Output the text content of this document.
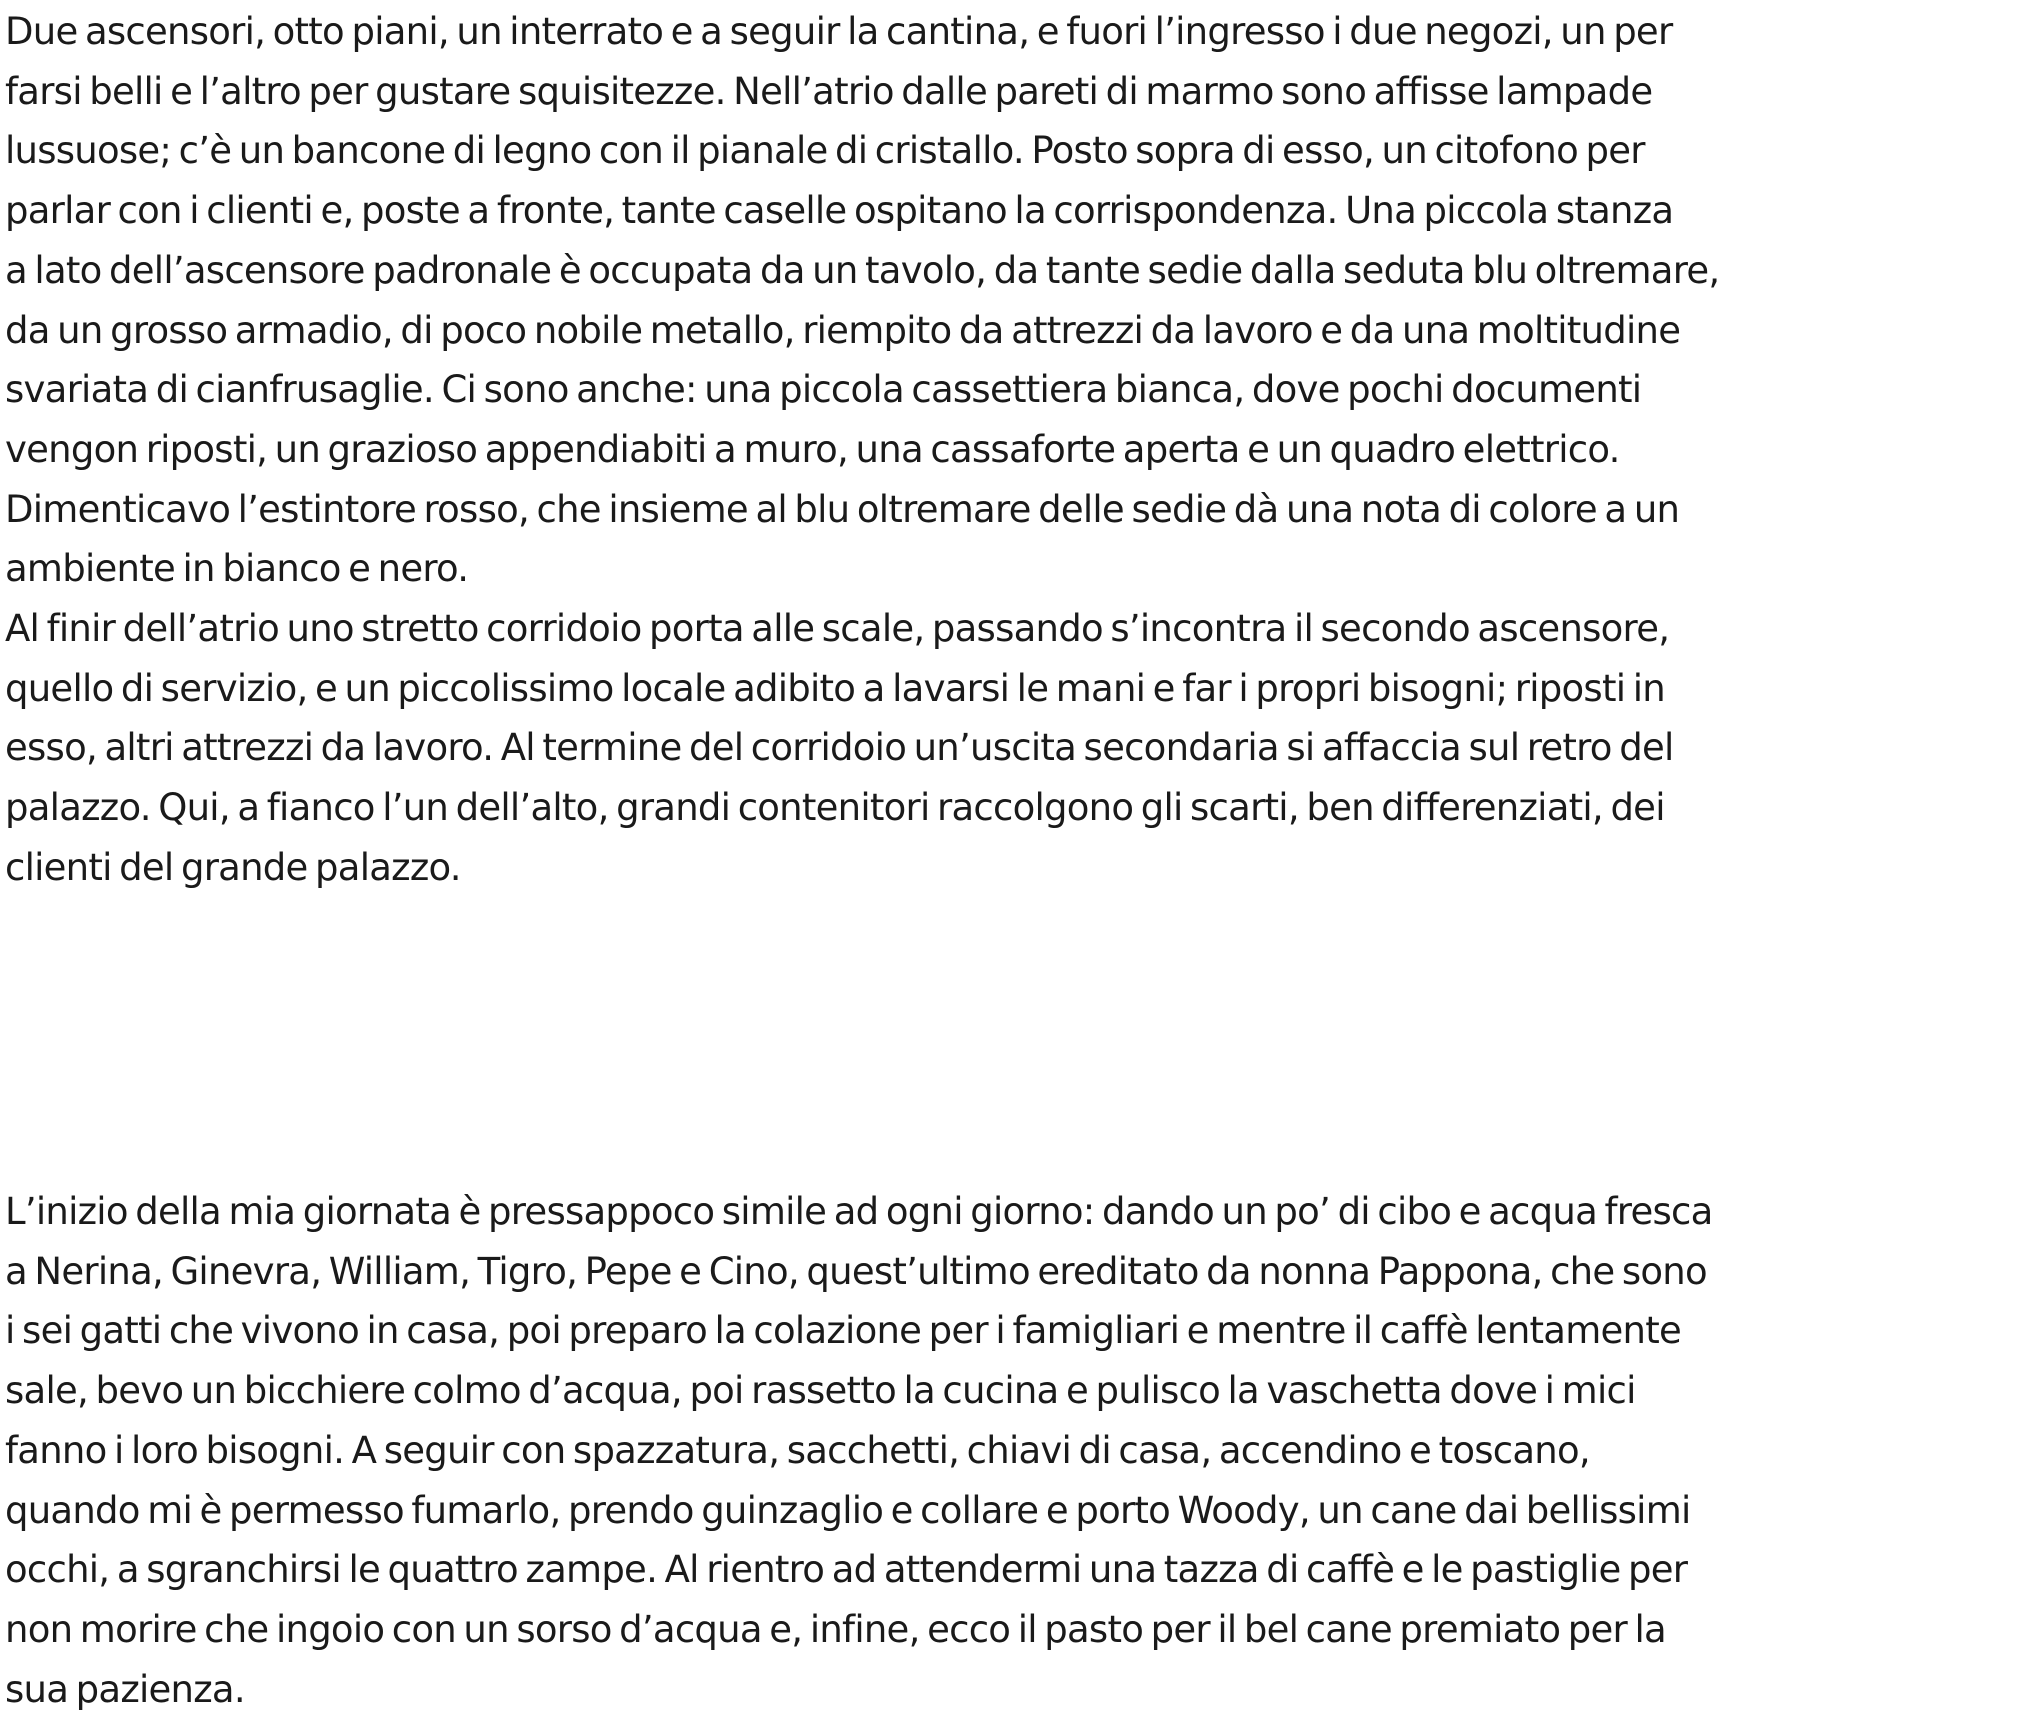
Due ascensori, otto piani, un interrato e a seguir la cantina, e fuori l’ingresso i due negozi, un per
farsi belli e l’altro per gustare squisitezze. Nell’atrio dalle pareti di marmo sono affisse lampade
lussuose; c’è un bancone di legno con il pianale di cristallo. Posto sopra di esso, un citofono per
parlar con i clienti e, poste a fronte, tante caselle ospitano la corrispondenza. Una piccola stanza
a lato dell’ascensore padronale è occupata da un tavolo, da tante sedie dalla seduta blu oltremare,
da un grosso armadio, di poco nobile metallo, riempito da attrezzi da lavoro e da una moltitudine
svariata di cianfrusaglie. Ci sono anche: una piccola cassettiera bianca, dove pochi documenti
vengon riposti, un grazioso appendiabiti a muro, una cassaforte aperta e un quadro elettrico.
Dimenticavo l’estintore rosso, che insieme al blu oltremare delle sedie dà una nota di colore a un
ambiente in bianco e nero.
Al finir dell’atrio uno stretto corridoio porta alle scale, passando s’incontra il secondo ascensore,
quello di servizio, e un piccolissimo locale adibito a lavarsi le mani e far i propri bisogni; riposti in
esso, altri attrezzi da lavoro. Al termine del corridoio un’uscita secondaria si affaccia sul retro del
palazzo. Qui, a fianco l’un dell’alto, grandi contenitori raccolgono gli scarti, ben differenziati, dei
clienti del grande palazzo.
L’inizio della mia giornata è pressappoco simile ad ogni giorno: dando un po’ di cibo e acqua fresca
a Nerina, Ginevra, William, Tigro, Pepe e Cino, quest’ultimo ereditato da nonna Pappona, che sono
i sei gatti che vivono in casa, poi preparo la colazione per i famigliari e mentre il caffè lentamente
sale, bevo un bicchiere colmo d’acqua, poi rassetto la cucina e pulisco la vaschetta dove i mici
fanno i loro bisogni. A seguir con spazzatura, sacchetti, chiavi di casa, accendino e toscano,
quando mi è permesso fumarlo, prendo guinzaglio e collare e porto Woody, un cane dai bellissimi
occhi, a sgranchirsi le quattro zampe. Al rientro ad attendermi una tazza di caffè e le pastiglie per
non morire che ingoio con un sorso d’acqua e, infine, ecco il pasto per il bel cane premiato per la
sua pazienza.
